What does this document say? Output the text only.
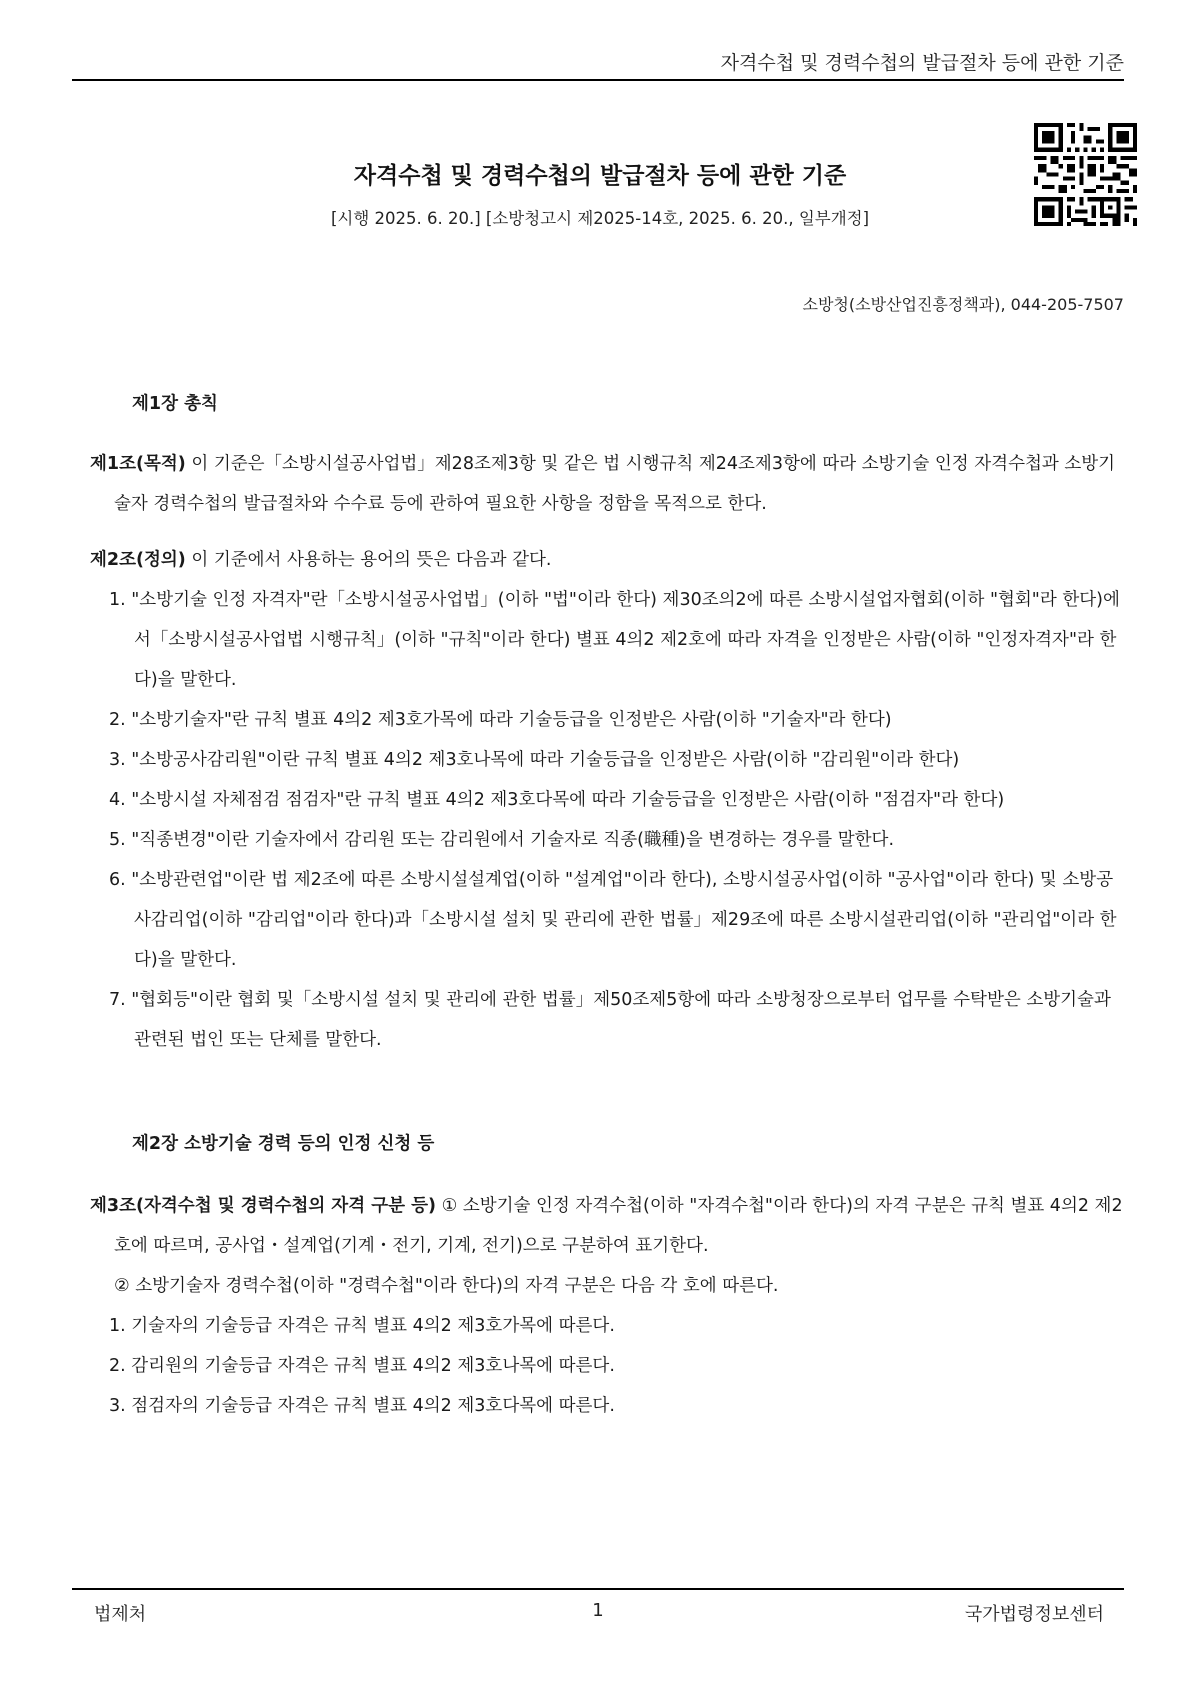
자격수첩 및 경력수첩의 발급절차 등에 관한 기준
자격수첩 및 경력수첩의 발급절차 등에 관한 기준
[시행 2025. 6. 20.] [소방청고시 제2025-14호, 2025. 6. 20., 일부개정]
소방청(소방산업진흥정책과), 044-205-7507

제1장 총칙

제1조(목적) 이 기준은「소방시설공사업법」제28조제3항 및 같은 법 시행규칙 제24조제3항에 따라 소방기술 인정 자격수첩과 소방기술자 경력수첩의 발급절차와 수수료 등에 관하여 필요한 사항을 정함을 목적으로 한다.

제2조(정의) 이 기준에서 사용하는 용어의 뜻은 다음과 같다.

1. "소방기술 인정 자격자"란「소방시설공사업법」(이하 "법"이라 한다) 제30조의2에 따른 소방시설업자협회(이하 "협회"라 한다)에서「소방시설공사업법 시행규칙」(이하 "규칙"이라 한다) 별표 4의2 제2호에 따라 자격을 인정받은 사람(이하 "인정자격자"라 한다)을 말한다.
2. "소방기술자"란 규칙 별표 4의2 제3호가목에 따라 기술등급을 인정받은 사람(이하 "기술자"라 한다)
3. "소방공사감리원"이란 규칙 별표 4의2 제3호나목에 따라 기술등급을 인정받은 사람(이하 "감리원"이라 한다)
4. "소방시설 자체점검 점검자"란 규칙 별표 4의2 제3호다목에 따라 기술등급을 인정받은 사람(이하 "점검자"라 한다)
5. "직종변경"이란 기술자에서 감리원 또는 감리원에서 기술자로 직종(職種)을 변경하는 경우를 말한다.
6. "소방관련업"이란 법 제2조에 따른 소방시설설계업(이하 "설계업"이라 한다), 소방시설공사업(이하 "공사업"이라 한다) 및 소방공사감리업(이하 "감리업"이라 한다)과「소방시설 설치 및 관리에 관한 법률」제29조에 따른 소방시설관리업(이하 "관리업"이라 한다)을 말한다.
7. "협회등"이란 협회 및「소방시설 설치 및 관리에 관한 법률」제50조제5항에 따라 소방청장으로부터 업무를 수탁받은 소방기술과 관련된 법인 또는 단체를 말한다.

제2장 소방기술 경력 등의 인정 신청 등

제3조(자격수첩 및 경력수첩의 자격 구분 등) ① 소방기술 인정 자격수첩(이하 "자격수첩"이라 한다)의 자격 구분은 규칙 별표 4의2 제2호에 따르며, 공사업・설계업(기계・전기, 기계, 전기)으로 구분하여 표기한다.

② 소방기술자 경력수첩(이하 "경력수첩"이라 한다)의 자격 구분은 다음 각 호에 따른다.

1. 기술자의 기술등급 자격은 규칙 별표 4의2 제3호가목에 따른다.
2. 감리원의 기술등급 자격은 규칙 별표 4의2 제3호나목에 따른다.
3. 점검자의 기술등급 자격은 규칙 별표 4의2 제3호다목에 따른다.
법제처	1	국가법령정보센터
